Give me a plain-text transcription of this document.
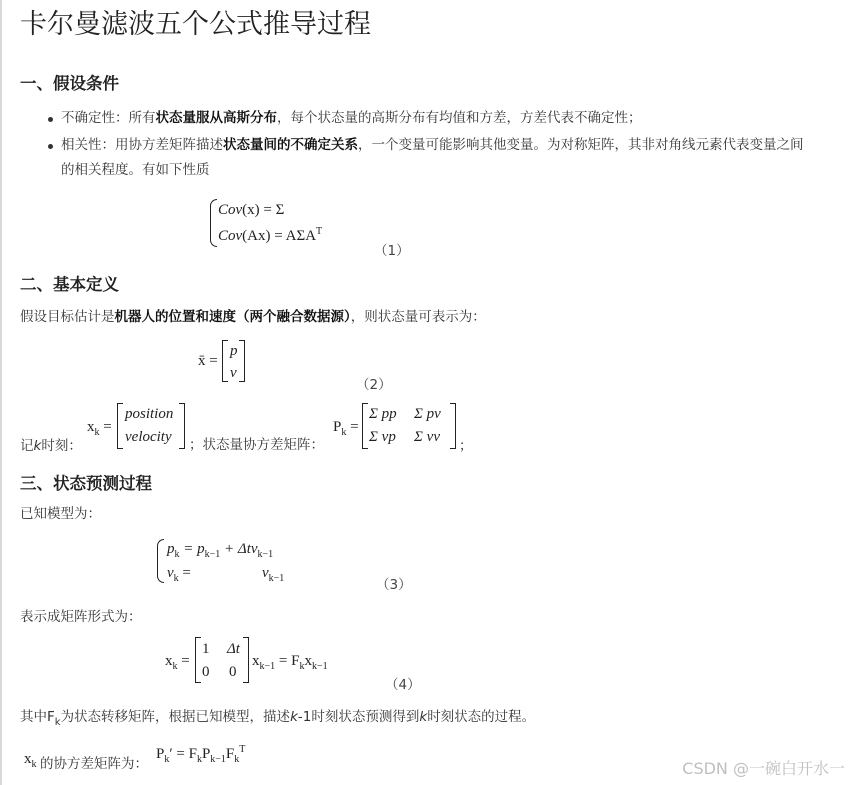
卡尔曼滤波五个公式推导过程
一、假设条件
不确定性：所有状态量服从高斯分布，每个状态量的高斯分布有均值和方差，方差代表不确定性；
相关性：用协方差矩阵描述状态量间的不确定关系，一个变量可能影响其他变量。为对称矩阵，其非对角线元素代表变量之间
的相关程度。有如下性质
Cov(x) = Σ
$Cov(Ax) = A\Sigma A^T$
（1）
二、基本定义
假设目标估计是机器人的位置和速度（两个融合数据源），则状态量可表示为：
x̄ =
p
v
（2）
记k时刻：
$x_k$ =
position
velocity ；状态量协方差矩阵：
$P_k$ =
Σ pp Σ pv
Σ vp Σ vv
；
三、状态预测过程
已知模型为：
$p_k = p_{k-1} + \Delta tv_{k-1}$
$v_k$ =	$v_{k-1}$	（3）
表示成矩阵形式为：
$x_k$ =
1 Δt
0 0
$x_{k-1} = F_kx_{k-1}$
（4）
其中$F_k$为状态转移矩阵，根据已知模型，描述k-1时刻状态预测得到k时刻状态的过程。
$x_k$ 的协方差矩阵为：
$P_k' = F_kP_{k-1}F_k^T$
CSDN @一碗白开水一
